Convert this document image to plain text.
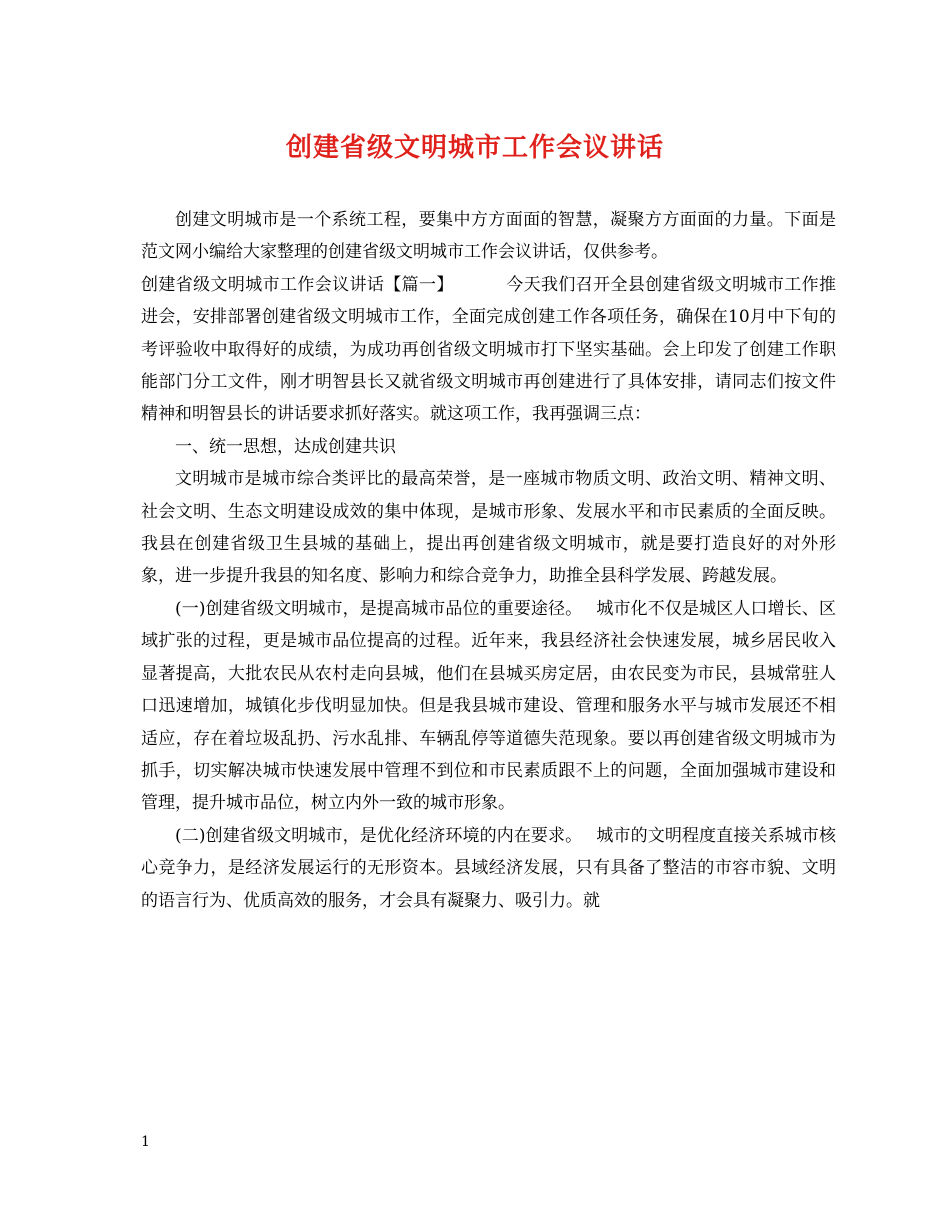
创建省级文明城市工作会议讲话

创建文明城市是一个系统工程，要集中方方面面的智慧，凝聚方方面面的力量。下面是范文网小编给大家整理的创建省级文明城市工作会议讲话，仅供参考。

创建省级文明城市工作会议讲话【篇一】	今天我们召开全县创建省级文明城市工作推进会，安排部署创建省级文明城市工作，全面完成创建工作各项任务，确保在10月中下旬的考评验收中取得好的成绩，为成功再创省级文明城市打下坚实基础。会上印发了创建工作职能部门分工文件，刚才明智县长又就省级文明城市再创建进行了具体安排，请同志们按文件精神和明智县长的讲话要求抓好落实。就这项工作，我再强调三点：

一、统一思想，达成创建共识

文明城市是城市综合类评比的最高荣誉，是一座城市物质文明、政治文明、精神文明、社会文明、生态文明建设成效的集中体现，是城市形象、发展水平和市民素质的全面反映。我县在创建省级卫生县城的基础上，提出再创建省级文明城市，就是要打造良好的对外形象，进一步提升我县的知名度、影响力和综合竞争力，助推全县科学发展、跨越发展。

(一)创建省级文明城市，是提高城市品位的重要途径。 城市化不仅是城区人口增长、区域扩张的过程，更是城市品位提高的过程。近年来，我县经济社会快速发展，城乡居民收入显著提高，大批农民从农村走向县城，他们在县城买房定居，由农民变为市民，县城常驻人口迅速增加，城镇化步伐明显加快。但是我县城市建设、管理和服务水平与城市发展还不相适应，存在着垃圾乱扔、污水乱排、车辆乱停等道德失范现象。要以再创建省级文明城市为抓手，切实解决城市快速发展中管理不到位和市民素质跟不上的问题，全面加强城市建设和管理，提升城市品位，树立内外一致的城市形象。

(二)创建省级文明城市，是优化经济环境的内在要求。 城市的文明程度直接关系城市核心竞争力，是经济发展运行的无形资本。县域经济发展，只有具备了整洁的市容市貌、文明的语言行为、优质高效的服务，才会具有凝聚力、吸引力。就

1
